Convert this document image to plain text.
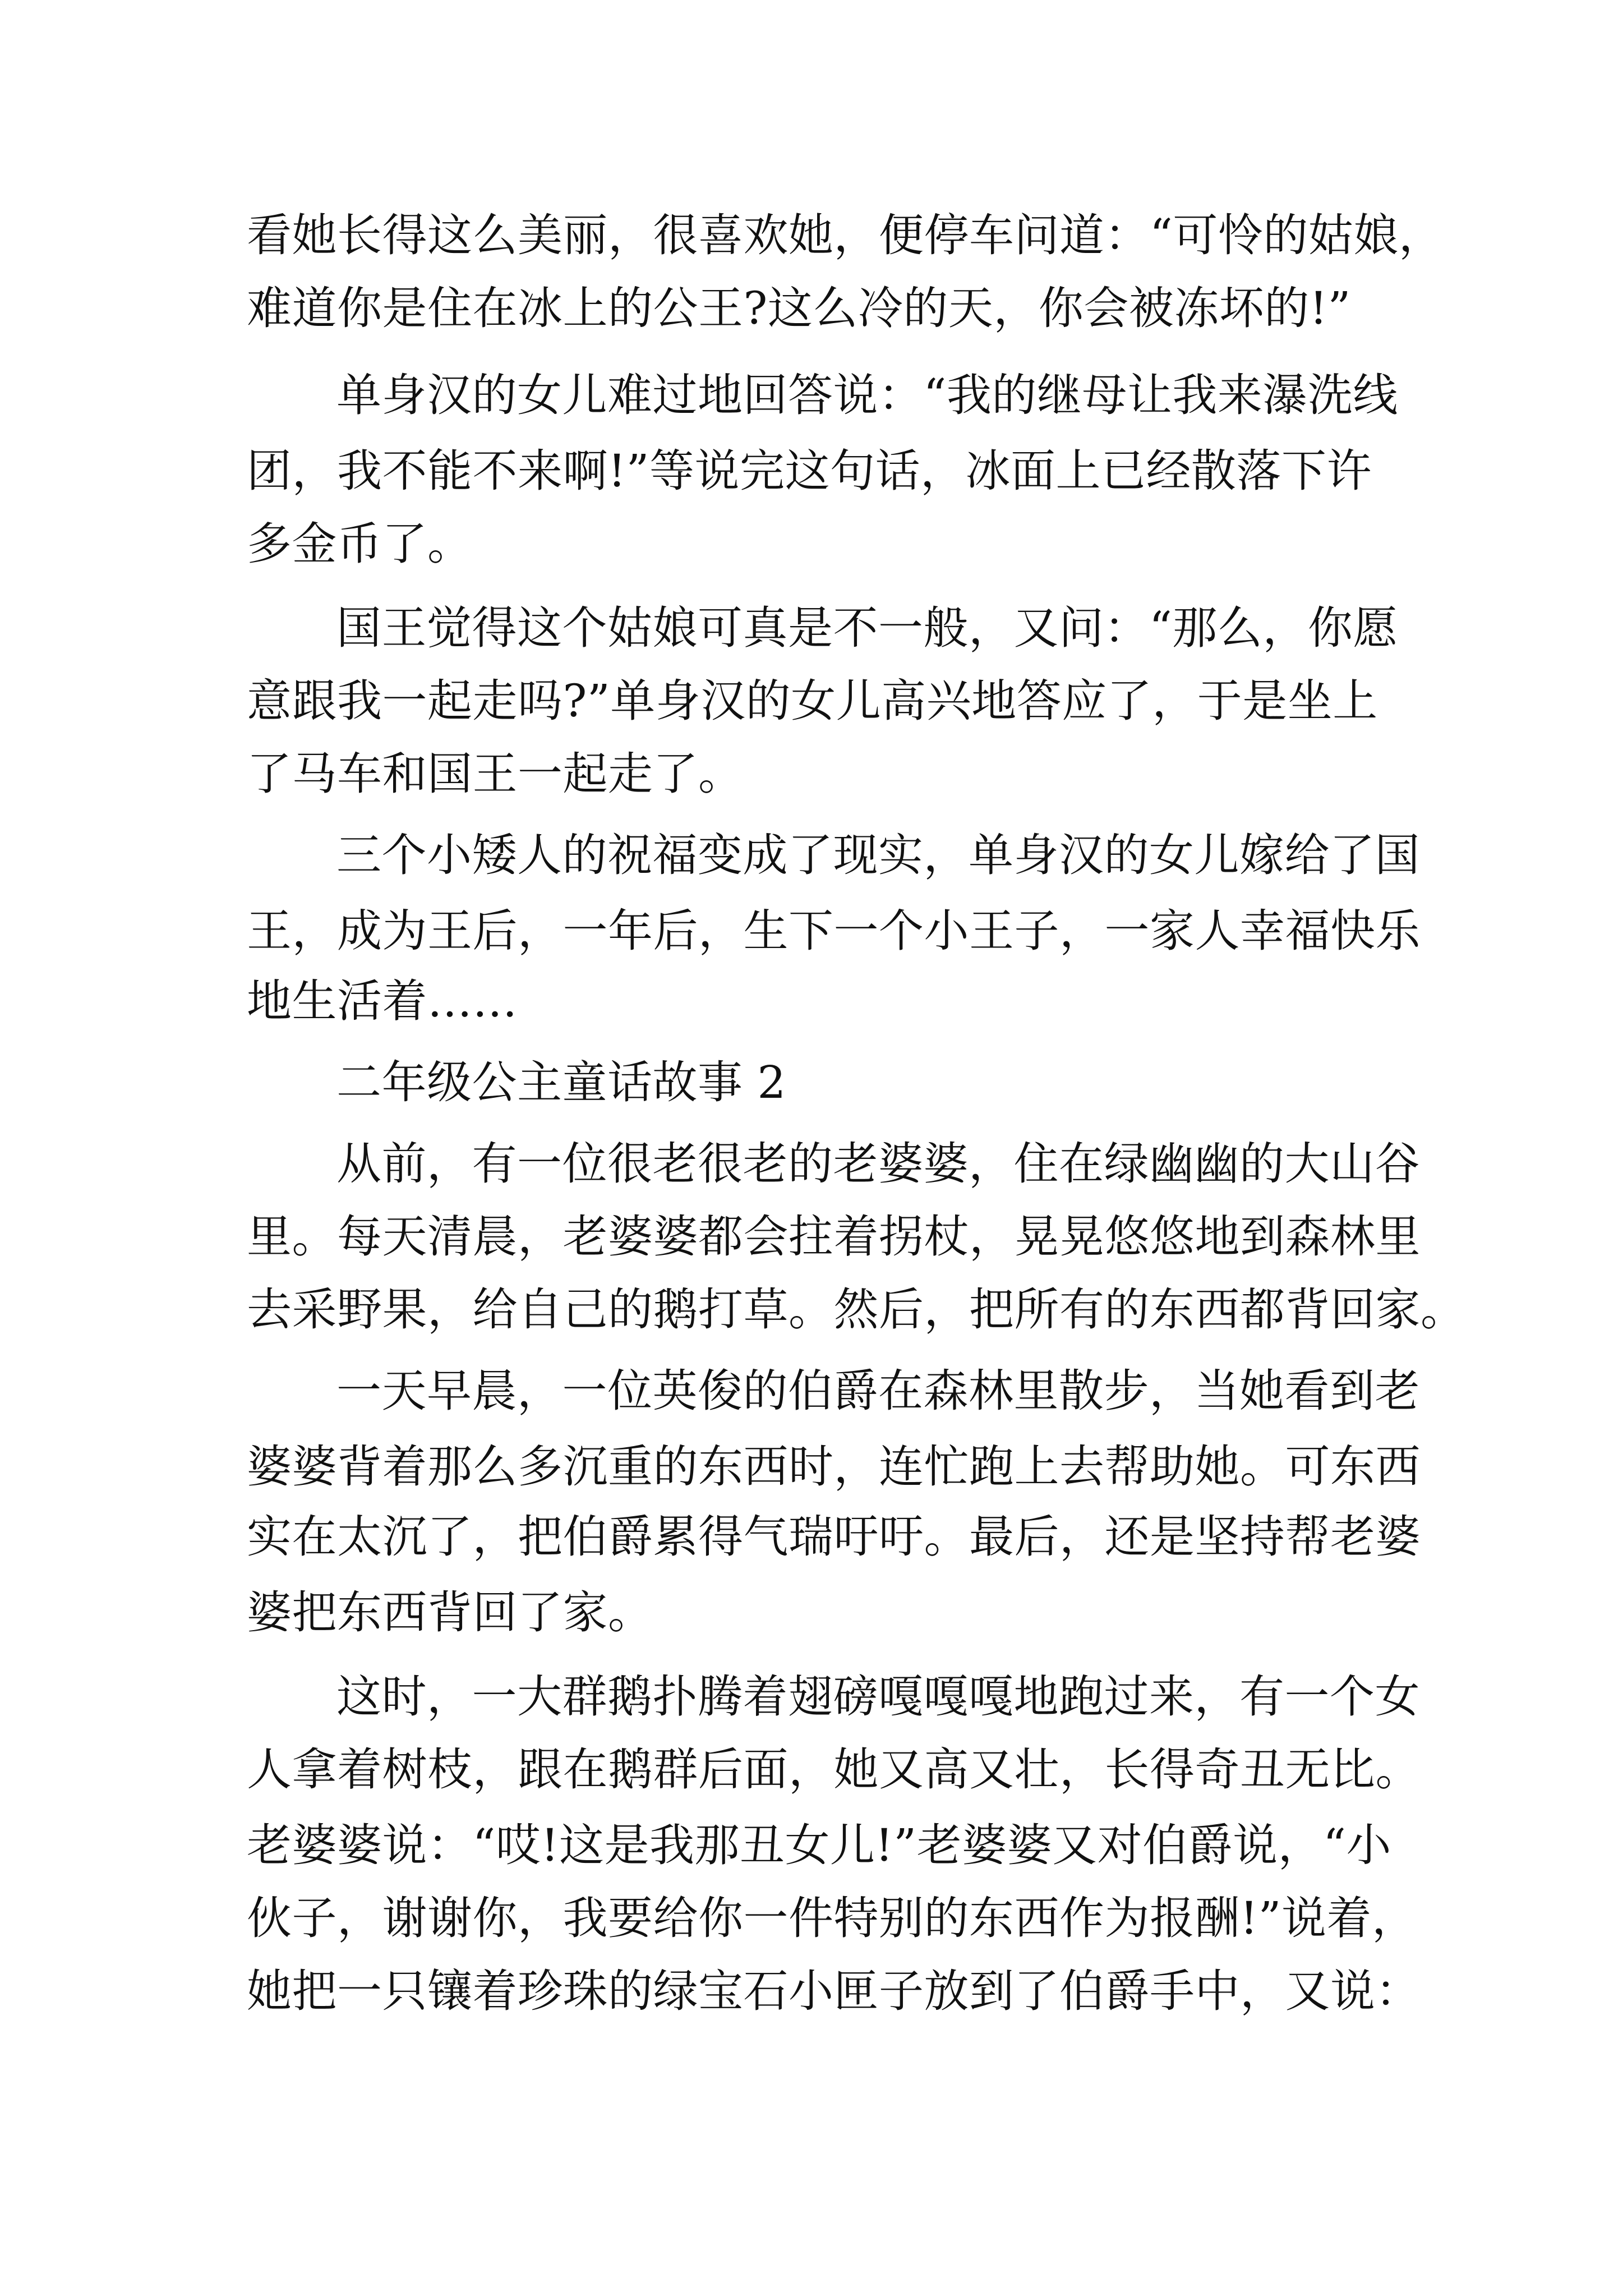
看她长得这么美丽，很喜欢她，便停车问道：“可怜的姑娘，
难道你是住在冰上的公王?这么冷的天，你会被冻坏的!”
单身汉的女儿难过地回答说：“我的继母让我来瀑洗线
团，我不能不来啊!”等说完这句话，冰面上已经散落下许
多金币了。
国王觉得这个姑娘可真是不一般，又问：“那么，你愿
意跟我一起走吗?”单身汉的女儿高兴地答应了，于是坐上
了马车和国王一起走了。
三个小矮人的祝福变成了现实，单身汉的女儿嫁给了国
王，成为王后，一年后，生下一个小王子，一家人幸福快乐
地生活着……
二年级公主童话故事 2
从前，有一位很老很老的老婆婆，住在绿幽幽的大山谷
里。每天清晨，老婆婆都会拄着拐杖，晃晃悠悠地到森林里
去采野果，给自己的鹅打草。然后，把所有的东西都背回家。
一天早晨，一位英俊的伯爵在森林里散步，当她看到老
婆婆背着那么多沉重的东西时，连忙跑上去帮助她。可东西
实在太沉了，把伯爵累得气瑞吁吁。最后，还是坚持帮老婆
婆把东西背回了家。
这时，一大群鹅扑腾着翅磅嘎嘎嘎地跑过来，有一个女
人拿着树枝，跟在鹅群后面，她又高又壮，长得奇丑无比。
老婆婆说：“哎!这是我那丑女儿!”老婆婆又对伯爵说，“小
伙子，谢谢你，我要给你一件特别的东西作为报酬!”说着，
她把一只镶着珍珠的绿宝石小匣子放到了伯爵手中，又说：
